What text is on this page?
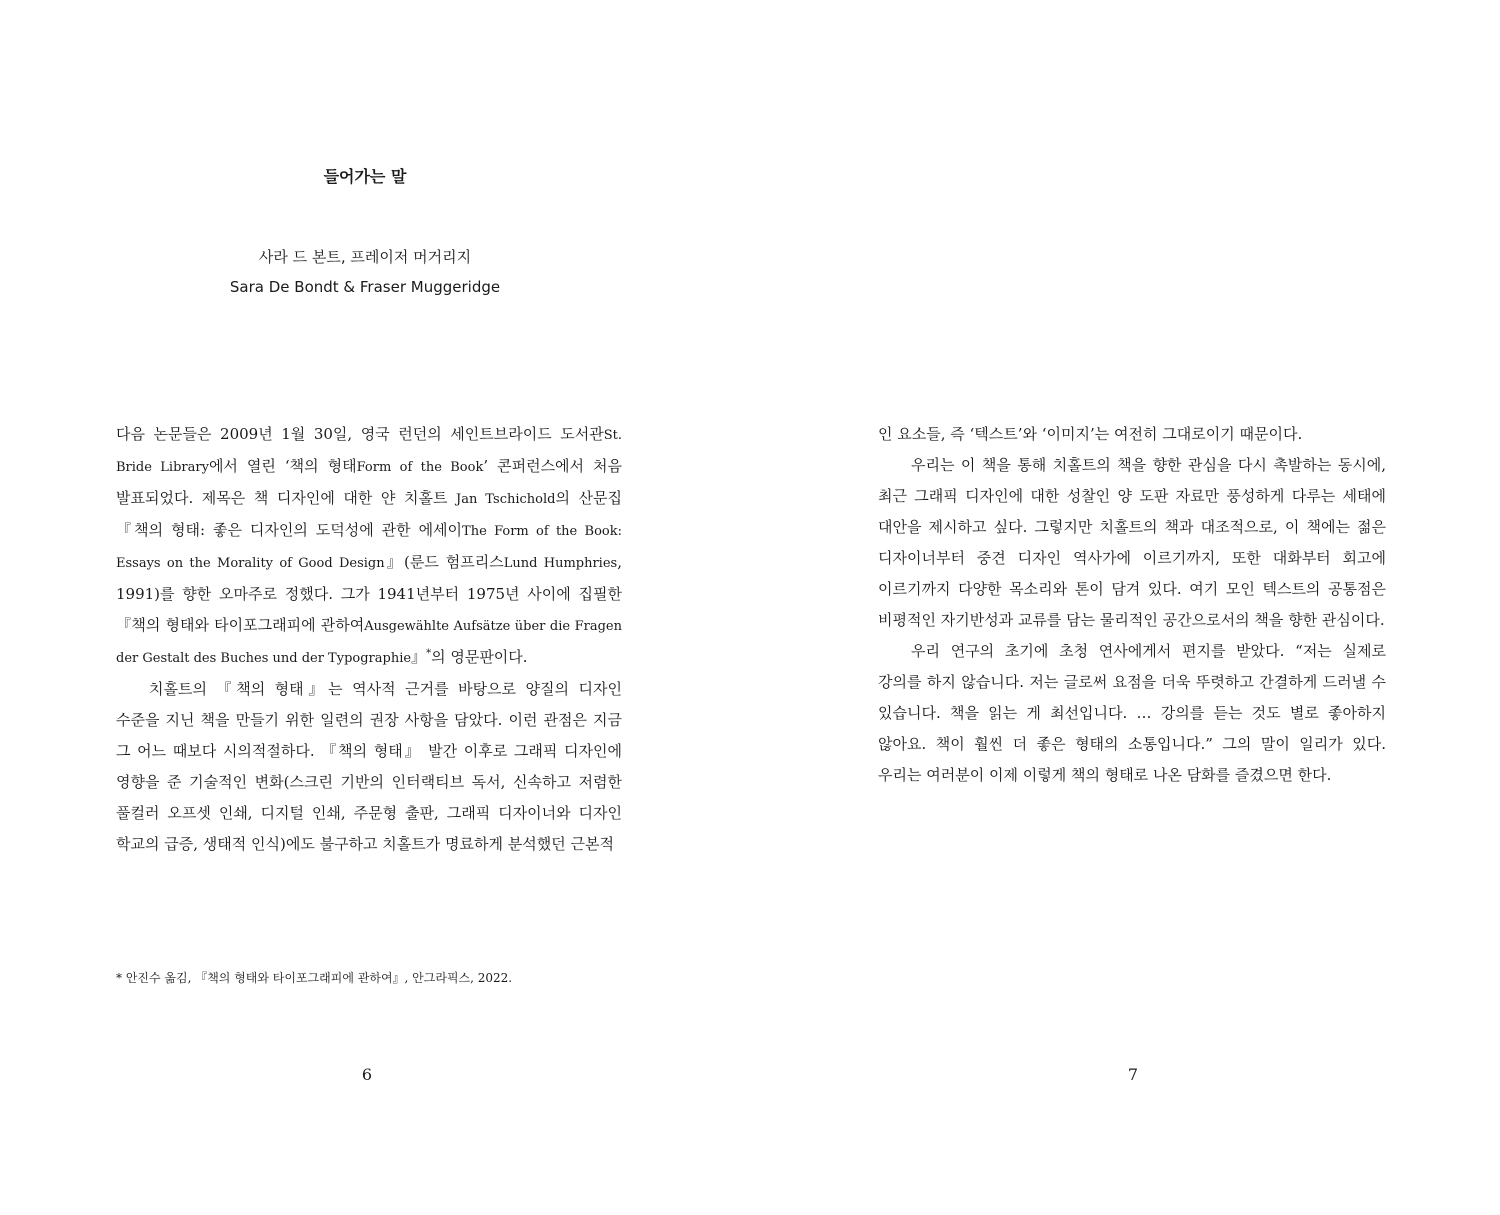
들어가는 말
사라 드 본트, 프레이저 머거리지
Sara De Bondt & Fraser Muggeridge

다음 논문들은 2009년 1월 30일, 영국 런던의 세인트브라이드 도서관St. Bride Library에서 열린 ‘책의 형태Form of the Book’ 콘퍼런스에서 처음 발표되었다. 제목은 책 디자인에 대한 얀 치홀트 Jan Tschichold의 산문집 『책의 형태: 좋은 디자인의 도덕성에 관한 에세이The Form of the Book: Essays on the Morality of Good Design』(룬드 험프리스Lund Humphries, 1991)를 향한 오마주로 정했다. 그가 1941년부터 1975년 사이에 집필한 『책의 형태와 타이포그래피에 관하여Ausgewählte Aufsätze über die Fragen der Gestalt des Buches und der Typographie』*의 영문판이다.

치홀트의 『책의 형태』는 역사적 근거를 바탕으로 양질의 디자인 수준을 지닌 책을 만들기 위한 일련의 권장 사항을 담았다. 이런 관점은 지금 그 어느 때보다 시의적절하다. 『책의 형태』 발간 이후로 그래픽 디자인에 영향을 준 기술적인 변화(스크린 기반의 인터랙티브 독서, 신속하고 저렴한 풀컬러 오프셋 인쇄, 디지털 인쇄, 주문형 출판, 그래픽 디자이너와 디자인 학교의 급증, 생태적 인식)에도 불구하고 치홀트가 명료하게 분석했던 근본적

* 안진수 옮김, 『책의 형태와 타이포그래피에 관하여』, 안그라픽스, 2022.
6

인 요소들, 즉 ‘텍스트’와 ‘이미지’는 여전히 그대로이기 때문이다.

우리는 이 책을 통해 치홀트의 책을 향한 관심을 다시 촉발하는 동시에, 최근 그래픽 디자인에 대한 성찰인 양 도판 자료만 풍성하게 다루는 세태에 대안을 제시하고 싶다. 그렇지만 치홀트의 책과 대조적으로, 이 책에는 젊은 디자이너부터 중견 디자인 역사가에 이르기까지, 또한 대화부터 회고에 이르기까지 다양한 목소리와 톤이 담겨 있다. 여기 모인 텍스트의 공통점은 비평적인 자기반성과 교류를 담는 물리적인 공간으로서의 책을 향한 관심이다.

우리 연구의 초기에 초청 연사에게서 편지를 받았다. “저는 실제로 강의를 하지 않습니다. 저는 글로써 요점을 더욱 뚜렷하고 간결하게 드러낼 수 있습니다. 책을 읽는 게 최선입니다. … 강의를 듣는 것도 별로 좋아하지 않아요. 책이 훨씬 더 좋은 형태의 소통입니다.” 그의 말이 일리가 있다. 우리는 여러분이 이제 이렇게 책의 형태로 나온 담화를 즐겼으면 한다.

7
